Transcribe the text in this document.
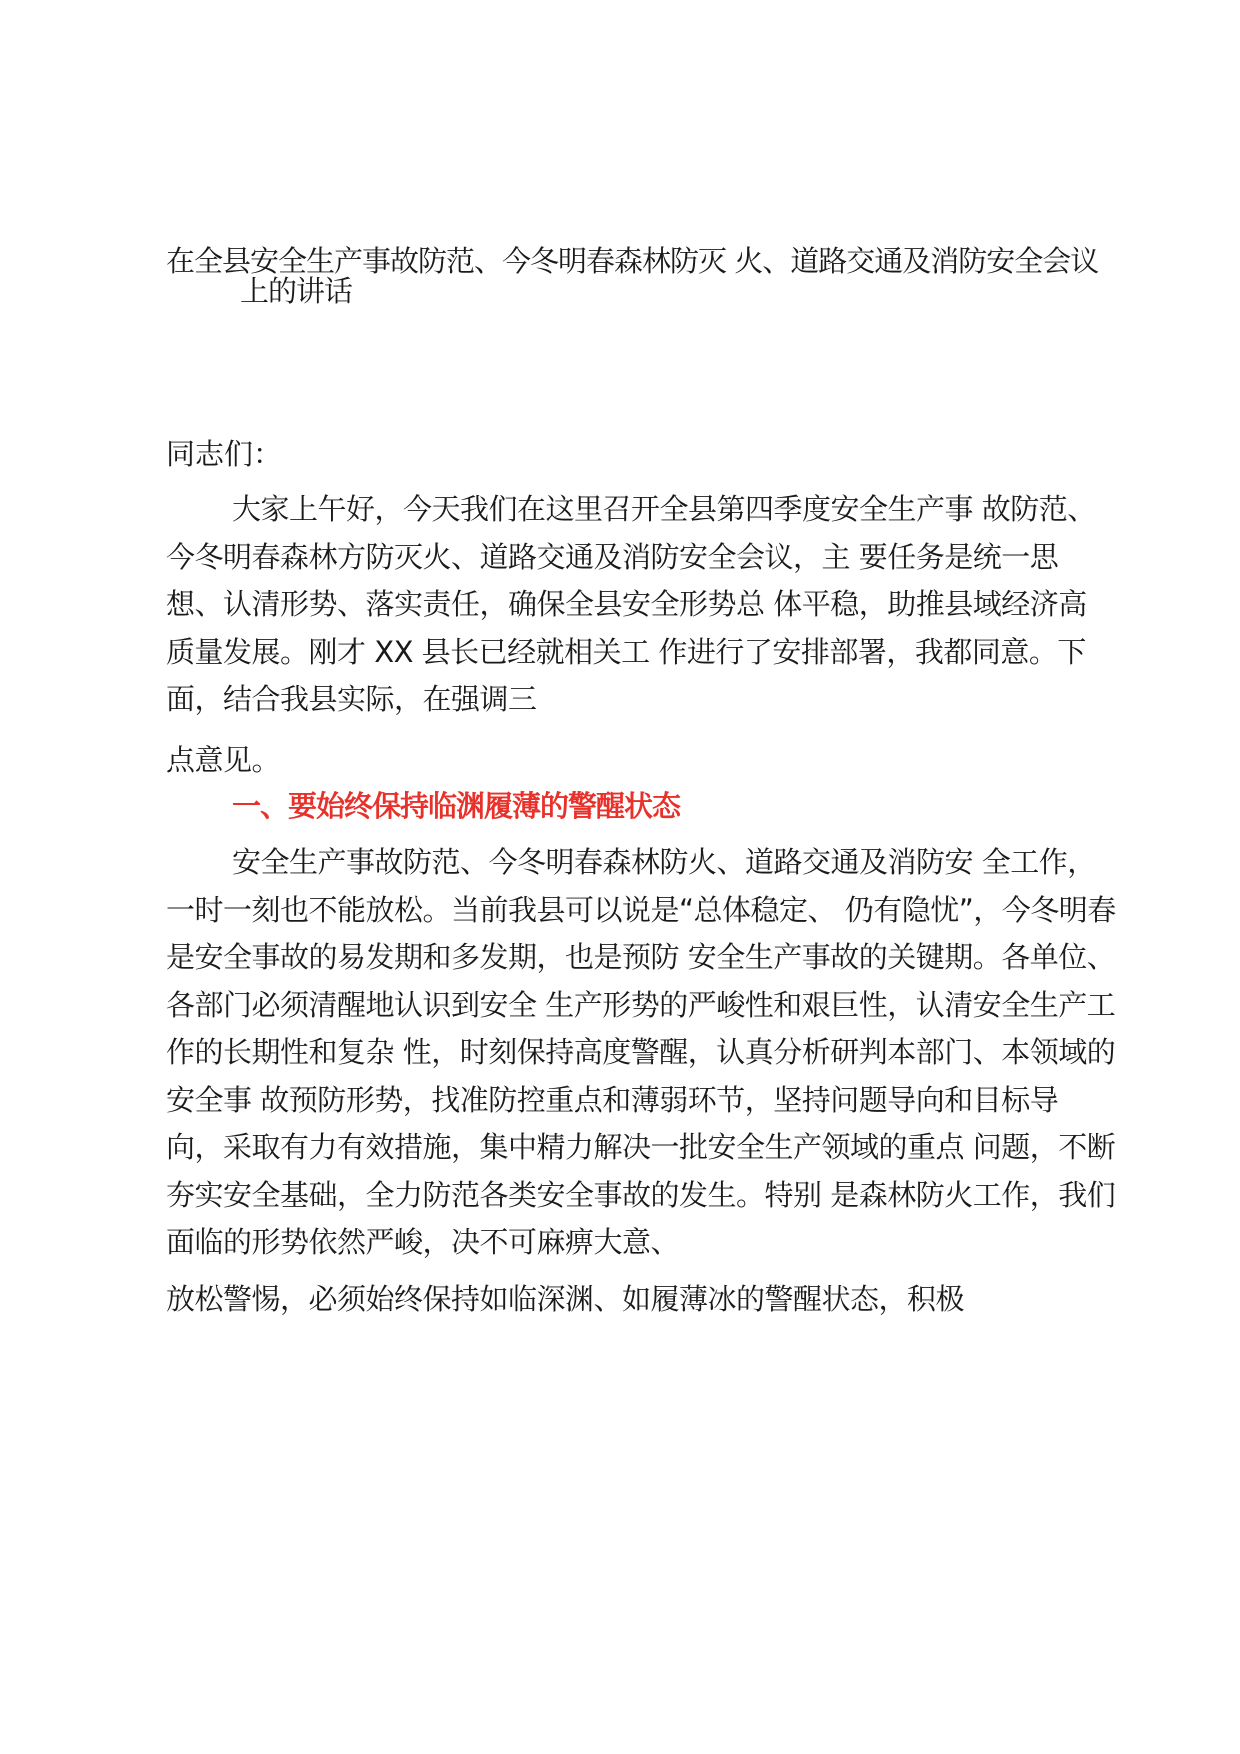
在全县安全生产事故防范、今冬明春森林防灭 火、道路交通及消防安全会议
上的讲话
同志们：
大家上午好，今天我们在这里召开全县第四季度安全生产事 故防范、
今冬明春森林方防灭火、道路交通及消防安全会议，主 要任务是统一思
想、认清形势、落实责任，确保全县安全形势总 体平稳，助推县域经济高
质量发展。刚才 XX 县长已经就相关工 作进行了安排部署，我都同意。下
面，结合我县实际，在强调三
点意见。
一、要始终保持临渊履薄的警醒状态
安全生产事故防范、今冬明春森林防火、道路交通及消防安 全工作，
一时一刻也不能放松。当前我县可以说是“总体稳定、 仍有隐忧”，今冬明春
是安全事故的易发期和多发期，也是预防 安全生产事故的关键期。各单位、
各部门必须清醒地认识到安全 生产形势的严峻性和艰巨性，认清安全生产工
作的长期性和复杂 性，时刻保持高度警醒，认真分析研判本部门、本领域的
安全事 故预防形势，找准防控重点和薄弱环节，坚持问题导向和目标导
向，采取有力有效措施，集中精力解决一批安全生产领域的重点 问题，不断
夯实安全基础，全力防范各类安全事故的发生。特别 是森林防火工作，我们
面临的形势依然严峻，决不可麻痹大意、
放松警惕，必须始终保持如临深渊、如履薄冰的警醒状态，积极
